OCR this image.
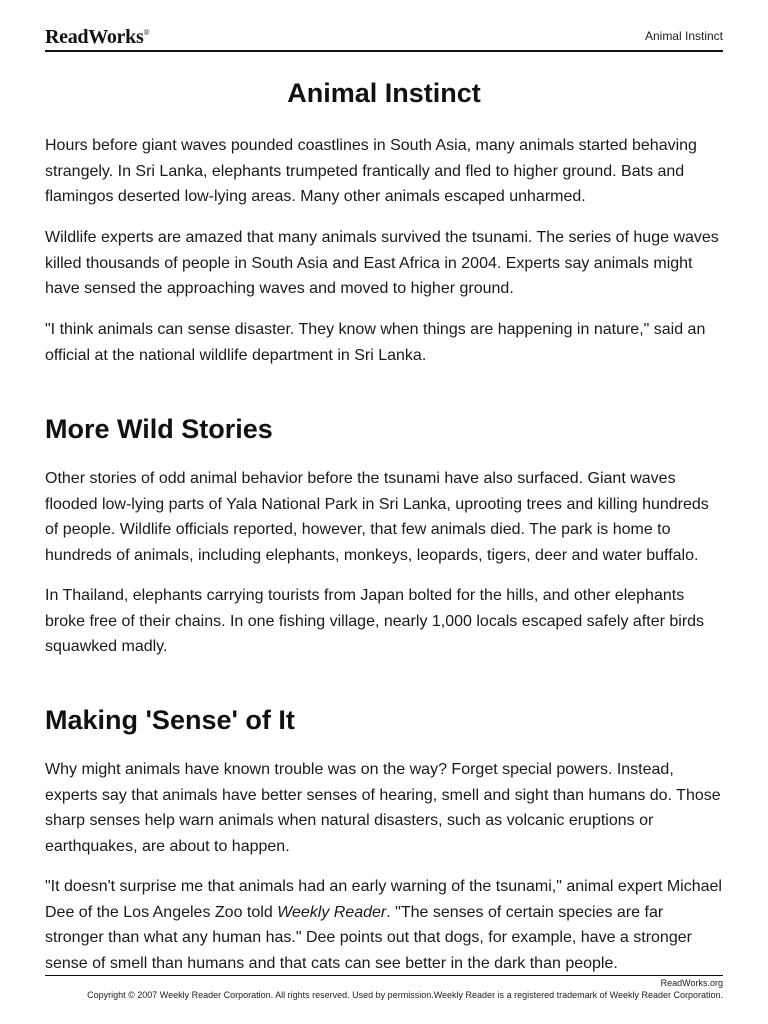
ReadWorks®	Animal Instinct
Animal Instinct

Hours before giant waves pounded coastlines in South Asia, many animals started behaving strangely. In Sri Lanka, elephants trumpeted frantically and fled to higher ground. Bats and flamingos deserted low-lying areas. Many other animals escaped unharmed.

Wildlife experts are amazed that many animals survived the tsunami. The series of huge waves killed thousands of people in South Asia and East Africa in 2004. Experts say animals might have sensed the approaching waves and moved to higher ground.

"I think animals can sense disaster. They know when things are happening in nature," said an official at the national wildlife department in Sri Lanka.

More Wild Stories

Other stories of odd animal behavior before the tsunami have also surfaced. Giant waves flooded low-lying parts of Yala National Park in Sri Lanka, uprooting trees and killing hundreds of people. Wildlife officials reported, however, that few animals died. The park is home to hundreds of animals, including elephants, monkeys, leopards, tigers, deer and water buffalo.

In Thailand, elephants carrying tourists from Japan bolted for the hills, and other elephants broke free of their chains. In one fishing village, nearly 1,000 locals escaped safely after birds squawked madly.

Making 'Sense' of It

Why might animals have known trouble was on the way? Forget special powers. Instead, experts say that animals have better senses of hearing, smell and sight than humans do. Those sharp senses help warn animals when natural disasters, such as volcanic eruptions or earthquakes, are about to happen.

"It doesn't surprise me that animals had an early warning of the tsunami," animal expert Michael Dee of the Los Angeles Zoo told Weekly Reader. "The senses of certain species are far stronger than what any human has." Dee points out that dogs, for example, have a stronger sense of smell than humans and that cats can see better in the dark than people.

ReadWorks.org
Copyright © 2007 Weekly Reader Corporation. All rights reserved. Used by permission.Weekly Reader is a registered trademark of Weekly Reader Corporation.
